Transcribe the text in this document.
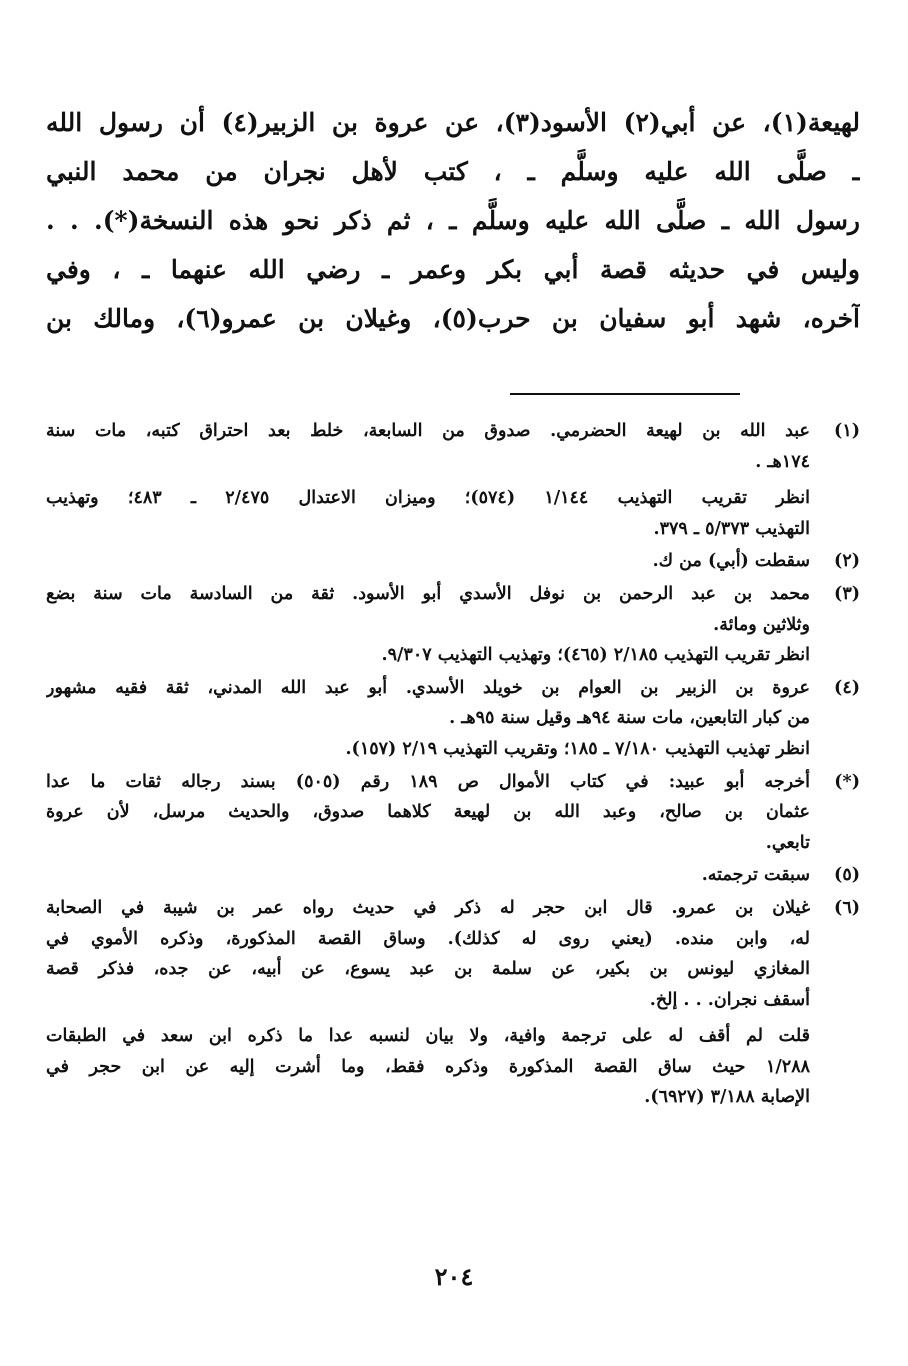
لهيعة(١)، عن أبي(٢) الأسود(٣)، عن عروة بن الزبير(٤) أن رسول الله
ـ صلَّى الله عليه وسلَّم ـ ، كتب لأهل نجران من محمد النبي
رسول الله ـ صلَّى الله عليه وسلَّم ـ ، ثم ذكر نحو هذه النسخة(*). . .
وليس في حديثه قصة أبي بكر وعمر ـ رضي الله عنهما ـ ، وفي
آخره، شهد أبو سفيان بن حرب(٥)، وغيلان بن عمرو(٦)، ومالك بن
(١)
عبد الله بن لهيعة الحضرمي. صدوق من السابعة، خلط بعد احتراق كتبه، مات سنة
١٧٤هـ .
انظر تقريب التهذيب ١/١٤٤ (٥٧٤)؛ وميزان الاعتدال ٢/٤٧٥ ـ ٤٨٣؛ وتهذيب
التهذيب ٥/٣٧٣ ـ ٣٧٩.
(٢)
سقطت (أبي) من ك.
(٣)
محمد بن عبد الرحمن بن نوفل الأسدي أبو الأسود. ثقة من السادسة مات سنة بضع
وثلاثين ومائة.
انظر تقريب التهذيب ٢/١٨٥ (٤٦٥)؛ وتهذيب التهذيب ٩/٣٠٧.
(٤)
عروة بن الزبير بن العوام بن خويلد الأسدي. أبو عبد الله المدني، ثقة فقيه مشهور
من كبار التابعين، مات سنة ٩٤هـ وقيل سنة ٩٥هـ .
انظر تهذيب التهذيب ٧/١٨٠ ـ ١٨٥؛ وتقريب التهذيب ٢/١٩ (١٥٧).
(*)
أخرجه أبو عبيد: في كتاب الأموال ص ١٨٩ رقم (٥٠٥) بسند رجاله ثقات ما عدا
عثمان بن صالح، وعبد الله بن لهيعة كلاهما صدوق، والحديث مرسل، لأن عروة
تابعي.
(٥)
سبقت ترجمته.
(٦)
غيلان بن عمرو. قال ابن حجر له ذكر في حديث رواه عمر بن شيبة في الصحابة
له، وابن منده. (يعني روى له كذلك). وساق القصة المذكورة، وذكره الأموي في
المغازي ليونس بن بكير، عن سلمة بن عبد يسوع، عن أبيه، عن جده، فذكر قصة
أسقف نجران. . . إلخ.
قلت لم أقف له على ترجمة وافية، ولا بيان لنسبه عدا ما ذكره ابن سعد في الطبقات
١/٢٨٨ حيث ساق القصة المذكورة وذكره فقط، وما أشرت إليه عن ابن حجر في
الإصابة ٣/١٨٨ (٦٩٢٧).
٢٠٤
